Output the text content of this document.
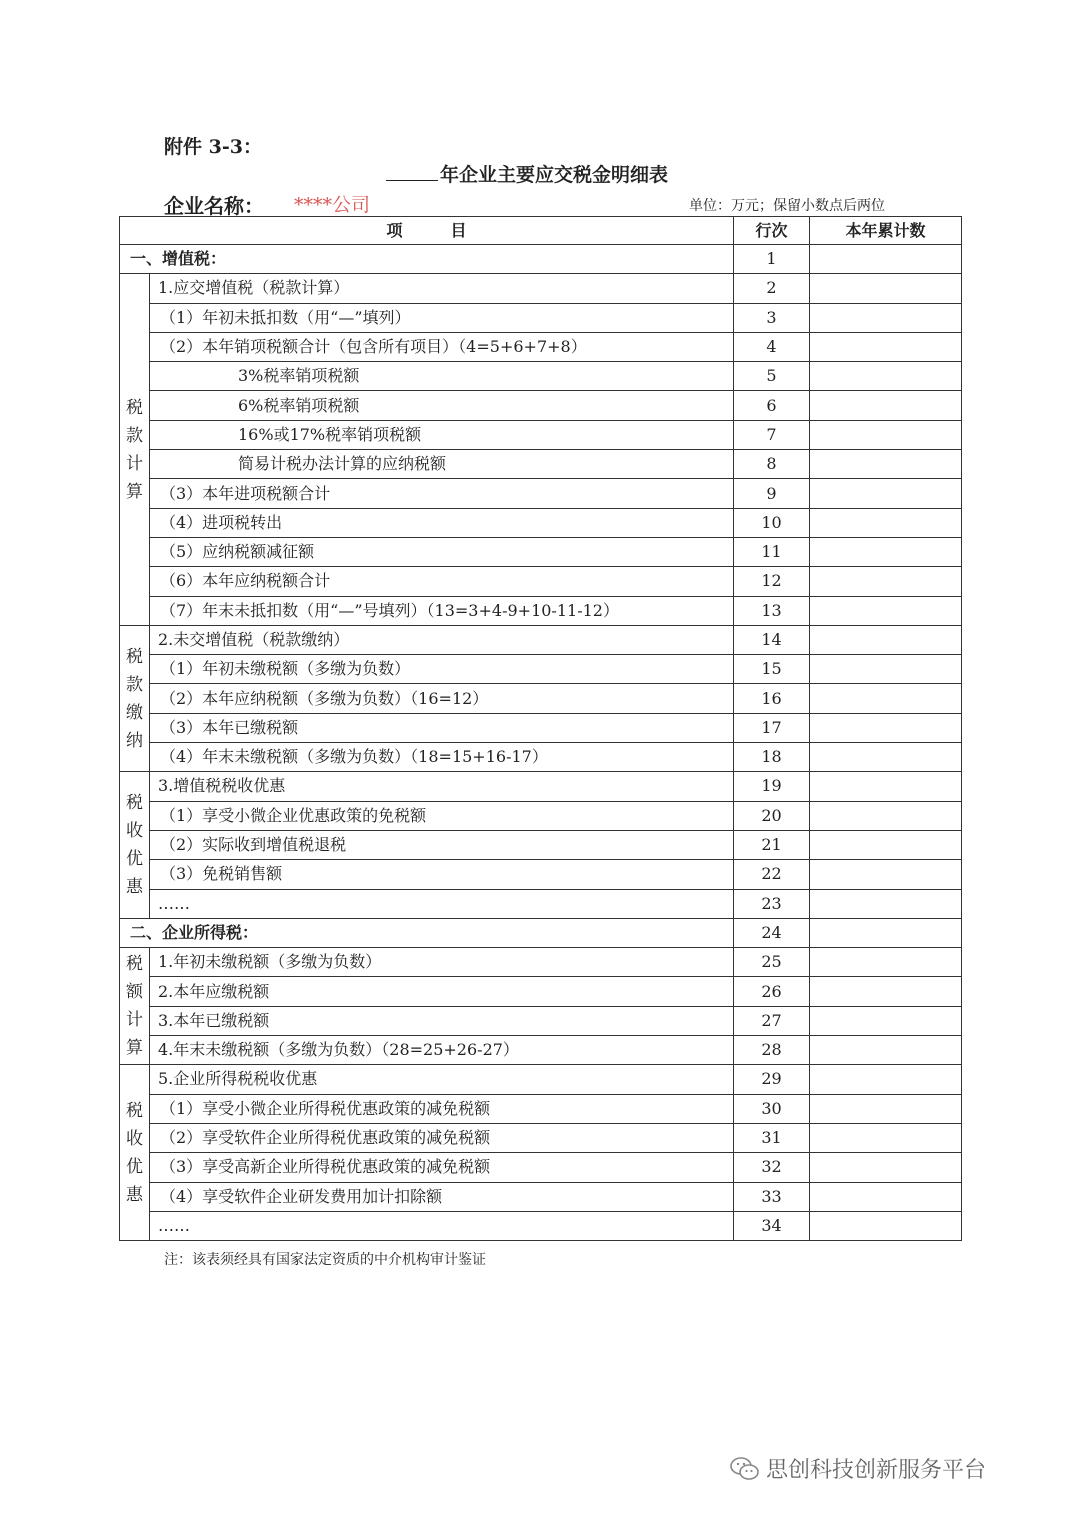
附件 3-3：
年企业主要应交税金明细表
企业名称： ****公司	单位：万元；保留小数点后两位
项　　　目		行次	本年累计数
一、增值税：		1	

税
款
计
算	1.应交增值税（税款计算）	2	
	（1）年初未抵扣数（用“—”填列）	3	
	（2）本年销项税额合计（包含所有项目）（4=5+6+7+8）	4	
	3%税率销项税额	5	
	6%税率销项税额	6	
	16%或17%税率销项税额	7	
	简易计税办法计算的应纳税额	8	
	（3）本年进项税额合计	9	
	（4）进项税转出	10	
	（5）应纳税额减征额	11	
	（6）本年应纳税额合计	12	
	（7）年末未抵扣数（用“—”号填列）（13=3+4-9+10-11-12）	13	

税
款
缴
纳	2.未交增值税（税款缴纳）	14	
	（1）年初未缴税额（多缴为负数）	15	
	（2）本年应纳税额（多缴为负数）（16=12）	16	
	（3）本年已缴税额	17	
	（4）年末未缴税额（多缴为负数）（18=15+16-17）	18	

税
收
优
惠	3.增值税税收优惠	19	
	（1）享受小微企业优惠政策的免税额	20	
	（2）实际收到增值税退税	21	
	（3）免税销售额	22	
	……	23	
二、企业所得税：		24	

税
额
计
算	1.年初未缴税额（多缴为负数）	25	
	2.本年应缴税额	26	
	3.本年已缴税额	27	
	4.年末未缴税额（多缴为负数）（28=25+26-27）	28	

税
收
优
惠	5.企业所得税税收优惠	29	
	（1）享受小微企业所得税优惠政策的减免税额	30	
	（2）享受软件企业所得税优惠政策的减免税额	31	
	（3）享受高新企业所得税优惠政策的减免税额	32	
	（4）享受软件企业研发费用加计扣除额	33	
	……	34	
注：该表须经具有国家法定资质的中介机构审计鉴证
思创科技创新服务平台
